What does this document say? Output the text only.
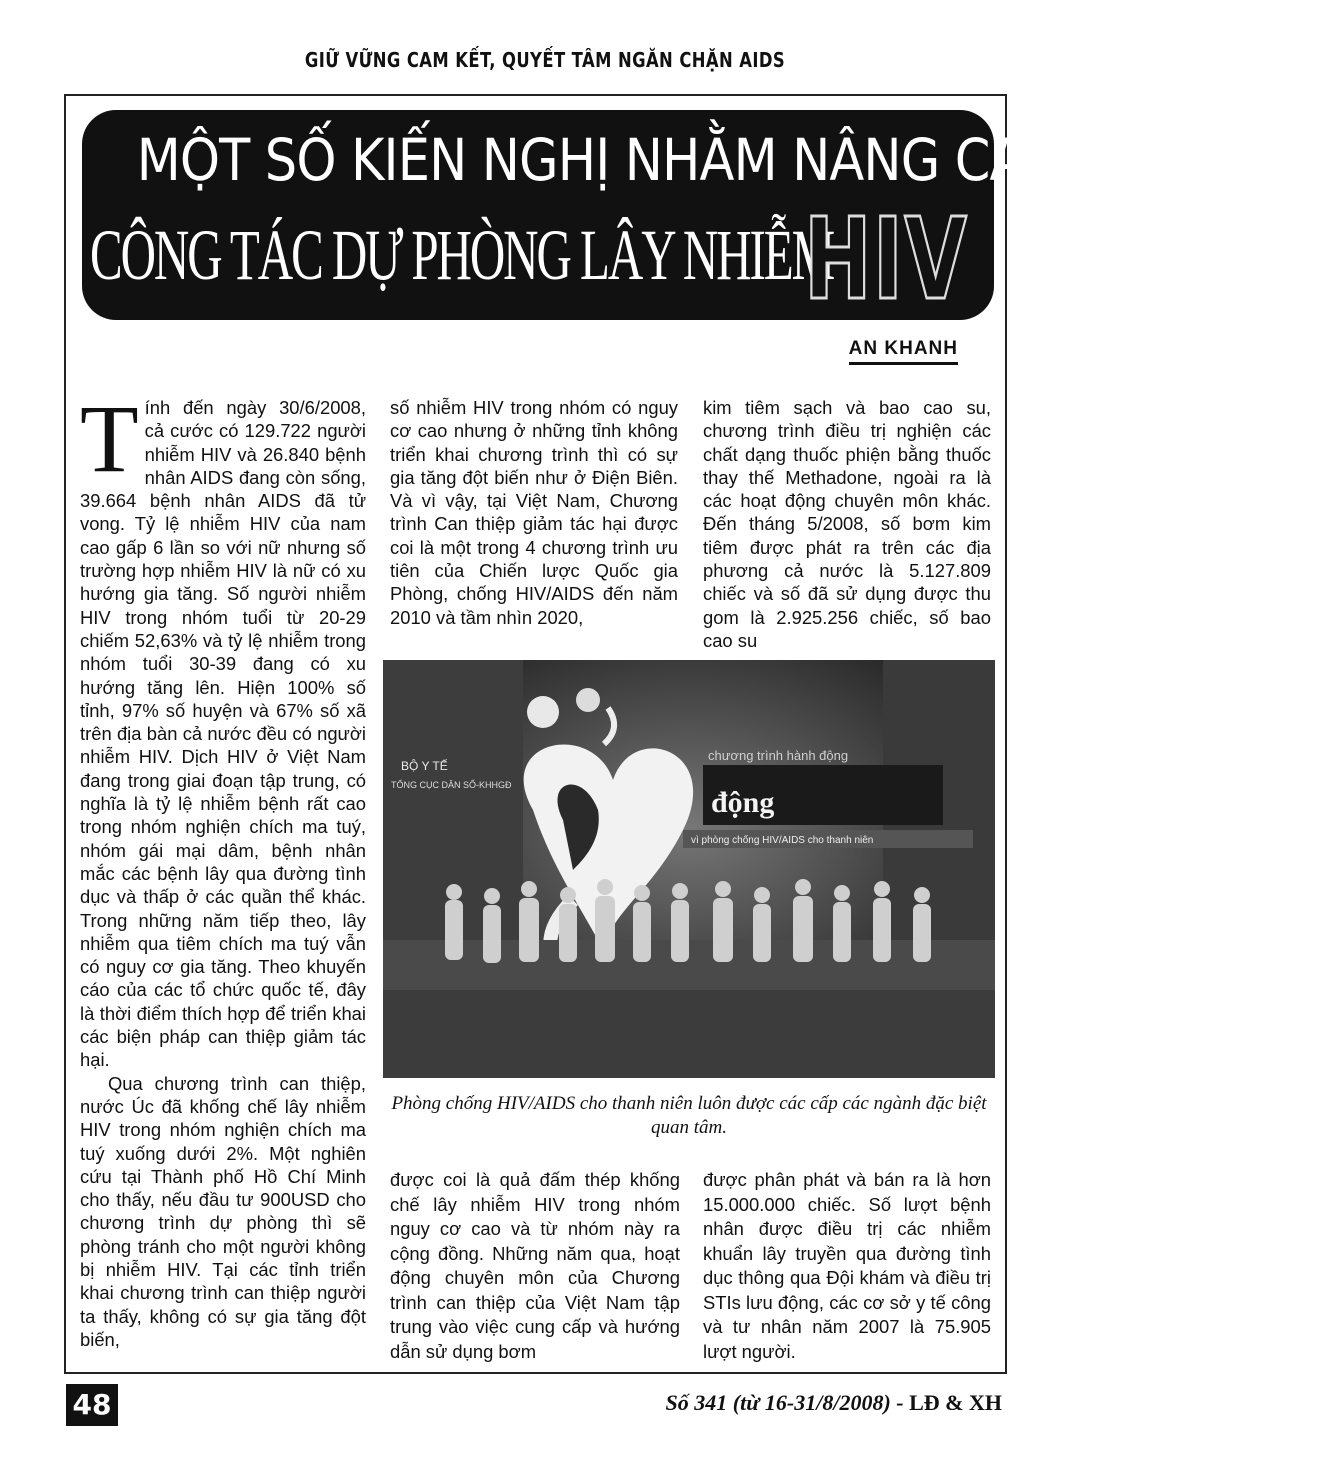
GIỮ VỮNG CAM KẾT, QUYẾT TÂM NGĂN CHẶN AIDS
MỘT SỐ KIẾN NGHỊ NHẰM NÂNG CAO HIỆU QUẢ
CÔNG TÁC DỰ PHÒNG LÂY NHIỄM
HIV
AN KHANH

Tính đến ngày 30/6/2008, cả cước có 129.722 người nhiễm HIV và 26.840 bệnh nhân AIDS đang còn sống, 39.664 bệnh nhân AIDS đã tử vong. Tỷ lệ nhiễm HIV của nam cao gấp 6 lần so với nữ nhưng số trường hợp nhiễm HIV là nữ có xu hướng gia tăng. Số người nhiễm HIV trong nhóm tuổi từ 20-29 chiếm 52,63% và tỷ lệ nhiễm trong nhóm tuổi 30-39 đang có xu hướng tăng lên. Hiện 100% số tỉnh, 97% số huyện và 67% số xã trên địa bàn cả nước đều có người nhiễm HIV. Dịch HIV ở Việt Nam đang trong giai đoạn tập trung, có nghĩa là tỷ lệ nhiễm bệnh rất cao trong nhóm nghiện chích ma tuý, nhóm gái mại dâm, bệnh nhân mắc các bệnh lây qua đường tình dục và thấp ở các quần thể khác. Trong những năm tiếp theo, lây nhiễm qua tiêm chích ma tuý vẫn có nguy cơ gia tăng. Theo khuyến cáo của các tổ chức quốc tế, đây là thời điểm thích hợp để triển khai các biện pháp can thiệp giảm tác hại.

Qua chương trình can thiệp, nước Úc đã khống chế lây nhiễm HIV trong nhóm nghiện chích ma tuý xuống dưới 2%. Một nghiên cứu tại Thành phố Hồ Chí Minh cho thấy, nếu đầu tư 900USD cho chương trình dự phòng thì sẽ phòng tránh cho một người không bị nhiễm HIV. Tại các tỉnh triển khai chương trình can thiệp người ta thấy, không có sự gia tăng đột biến,

số nhiễm HIV trong nhóm có nguy cơ cao nhưng ở những tỉnh không triển khai chương trình thì có sự gia tăng đột biến như ở Điện Biên. Và vì vậy, tại Việt Nam, Chương trình Can thiệp giảm tác hại được coi là một trong 4 chương trình ưu tiên của Chiến lược Quốc gia Phòng, chống HIV/AIDS đến năm 2010 và tầm nhìn 2020,

kim tiêm sạch và bao cao su, chương trình điều trị nghiện các chất dạng thuốc phiện bằng thuốc thay thế Methadone, ngoài ra là các hoạt động chuyên môn khác. Đến tháng 5/2008, số bơm kim tiêm được phát ra trên các địa phương cả nước là 5.127.809 chiếc và số đã sử dụng được thu gom là 2.925.256 chiếc, số bao cao su

động
chương trình hành động
vì phòng chống HIV/AIDS cho thanh niên
BỘ Y TẾ
TỔNG CỤC DÂN SỐ-KHHGĐ
Phòng chống HIV/AIDS cho thanh niên luôn được các cấp các ngành đặc biệt quan tâm.

được coi là quả đấm thép khống chế lây nhiễm HIV trong nhóm nguy cơ cao và từ nhóm này ra cộng đồng. Những năm qua, hoạt động chuyên môn của Chương trình can thiệp của Việt Nam tập trung vào việc cung cấp và hướng dẫn sử dụng bơm

được phân phát và bán ra là hơn 15.000.000 chiếc. Số lượt bệnh nhân được điều trị các nhiễm khuẩn lây truyền qua đường tình dục thông qua Đội khám và điều trị STIs lưu động, các cơ sở y tế công và tư nhân năm 2007 là 75.905 lượt người.

48	Số 341 (từ 16-31/8/2008) - LĐ & XH
